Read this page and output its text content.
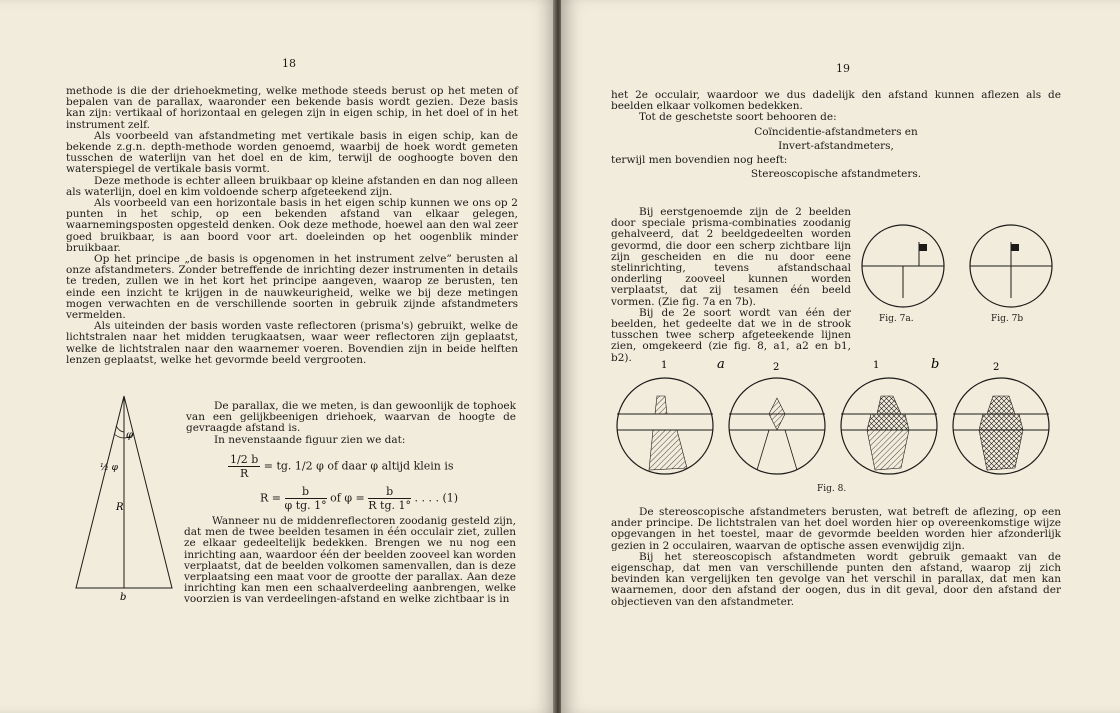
18

methode is die der driehoekmeting, welke methode steeds berust op het meten of bepalen van de parallax, waaronder een bekende basis wordt gezien. Deze basis kan zijn: vertikaal of horizontaal en gelegen zijn in eigen schip, in het doel of in het instrument zelf.

Als voorbeeld van afstandmeting met vertikale basis in eigen schip, kan de bekende z.g.n. depth-methode worden genoemd, waarbij de hoek wordt gemeten tusschen de waterlijn van het doel en de kim, terwijl de ooghoogte boven den waterspiegel de vertikale basis vormt.

Deze methode is echter alleen bruikbaar op kleine afstanden en dan nog alleen als waterlijn, doel en kim voldoende scherp afgeteekend zijn.

Als voorbeeld van een horizontale basis in het eigen schip kunnen we ons op 2 punten in het schip, op een bekenden afstand van elkaar gelegen, waarnemingsposten opgesteld denken. Ook deze methode, hoewel aan den wal zeer goed bruikbaar, is aan boord voor art. doeleinden op het oogenblik minder bruikbaar.

Op het principe „de basis is opgenomen in het instrument zelve” berusten al onze afstandmeters. Zonder betreffende de inrichting dezer instrumenten in details te treden, zullen we in het kort het principe aangeven, waarop ze berusten, ten einde een inzicht te krijgen in de nauwkeurigheid, welke we bij deze metingen mogen verwachten en de verschillende soorten in gebruik zijnde afstandmeters vermelden.

Als uiteinden der basis worden vaste reflectoren (prisma's) gebruikt, welke de lichtstralen naar het midden terugkaatsen, waar weer reflectoren zijn geplaatst, welke de lichtstralen naar den waarnemer voeren. Bovendien zijn in beide helften lenzen geplaatst, welke het gevormde beeld vergrooten.

φ
½ φ
R
b

De parallax, die we meten, is dan gewoonlijk de tophoek van een gelijkbeenigen driehoek, waarvan de hoogte de gevraagde afstand is.

In nevenstaande figuur zien we dat:

$\frac{1/2 b}{R}$ = tg. 1/2 φ of daar φ altijd klein is
$R = \frac{b}{\text{φ tg. 1°}}$ of $\varphi = \frac{b}{\text{R tg. 1°}}$ . . . . (1)

Wanneer nu de middenreflectoren zoodanig gesteld zijn, dat men de twee beelden tesamen in één occulair ziet, zullen ze elkaar gedeeltelijk bedekken. Brengen we nu nog een inrichting aan, waardoor één der beelden zooveel kan worden verplaatst, dat de beelden volkomen samenvallen, dan is deze verplaatsing een maat voor de grootte der parallax. Aan deze inrichting kan men een schaalverdeeling aanbrengen, welke voorzien is van verdeelingen-afstand en welke zichtbaar is in

19

het 2e occulair, waardoor we dus dadelijk den afstand kunnen aflezen als de beelden elkaar volkomen bedekken.

Tot de geschetste soort behooren de:

Coïncidentie-afstandmeters en

Invert-afstandmeters,

terwijl men bovendien nog heeft:

Stereoscopische afstandmeters.

Bij eerstgenoemde zijn de 2 beelden door speciale prisma-combinaties zoodanig gehalveerd, dat 2 beeldgedeelten worden gevormd, die door een scherp zichtbare lijn zijn gescheiden en die nu door eene stelinrichting, tevens afstandschaal onderling zooveel kunnen worden verplaatst, dat zij tesamen één beeld vormen. (Zie fig. 7a en 7b).

Bij de 2e soort wordt van één der beelden, het gedeelte dat we in de strook tusschen twee scherp afgeteekende lijnen zien, omgekeerd (zie fig. 8, a1, a2 en b1, b2).

Fig. 7a.	Fig. 7b
1	a	2	1	b	2
Fig. 8.

De stereoscopische afstandmeters berusten, wat betreft de aflezing, op een ander principe. De lichtstralen van het doel worden hier op overeenkomstige wijze opgevangen in het toestel, maar de gevormde beelden worden hier afzonderlijk gezien in 2 occulairen, waarvan de optische assen evenwijdig zijn.

Bij het stereoscopisch afstandmeten wordt gebruik gemaakt van de eigenschap, dat men van verschillende punten den afstand, waarop zij zich bevinden kan vergelijken ten gevolge van het verschil in parallax, dat men kan waarnemen, door den afstand der oogen, dus in dit geval, door den afstand der objectieven van den afstandmeter.
